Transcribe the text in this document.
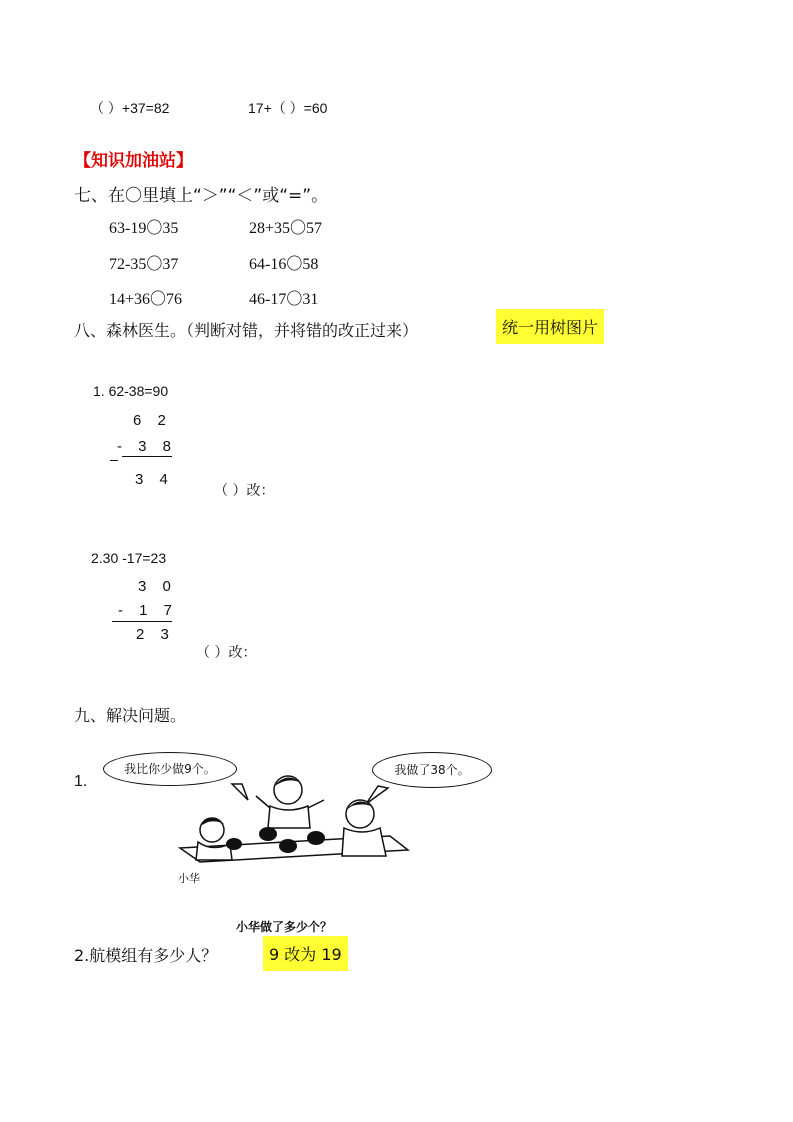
（ ）+37=82	17+（ ）=60
【知识加油站】
七、在〇里填上“＞”“＜”或“=”。
63-19〇35	28+35〇57
72-35〇37	64-16〇58
14+36〇76	46-17〇31
八、森林医生。（判断对错，并将错的改正过来）	统一用树图片
1. 62-38=90
6 2
- 3 8
3 4
（ ）改：
2.30 -17=23
3 0
- 1 7
2 3
（ ）改：
九、解决问题。
1.
我比你少做9个。	我做了38个。
小华
小华做了多少个？
2.航模组有多少人？	9 改为 19
